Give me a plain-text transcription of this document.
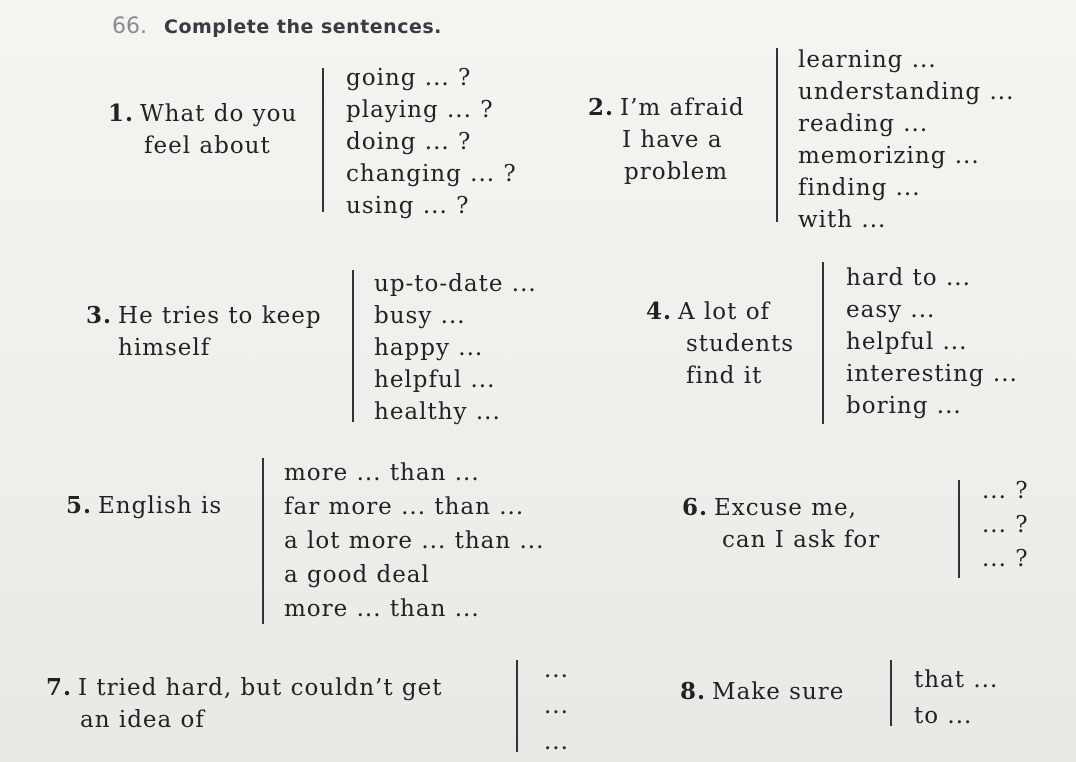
66. Complete the sentences.
1. What do you
feel about
going ... ?
playing ... ?
doing ... ?
changing ... ?
using ... ?
2. I’m afraid
I have a
problem
learning ...
understanding ...
reading ...
memorizing ...
finding ...
with ...
3. He tries to keep
himself
up-to-date ...
busy ...
happy ...
helpful ...
healthy ...
4. A lot of
students
find it
hard to ...
easy ...
helpful ...
interesting ...
boring ...
5. English is
more ... than ...
far more ... than ...
a lot more ... than ...
a good deal
more ... than ...
6. Excuse me,
can I ask for
... ?
... ?
... ?
7. I tried hard, but couldn’t get
an idea of
...
...
...
8. Make sure	that ...
to ...
